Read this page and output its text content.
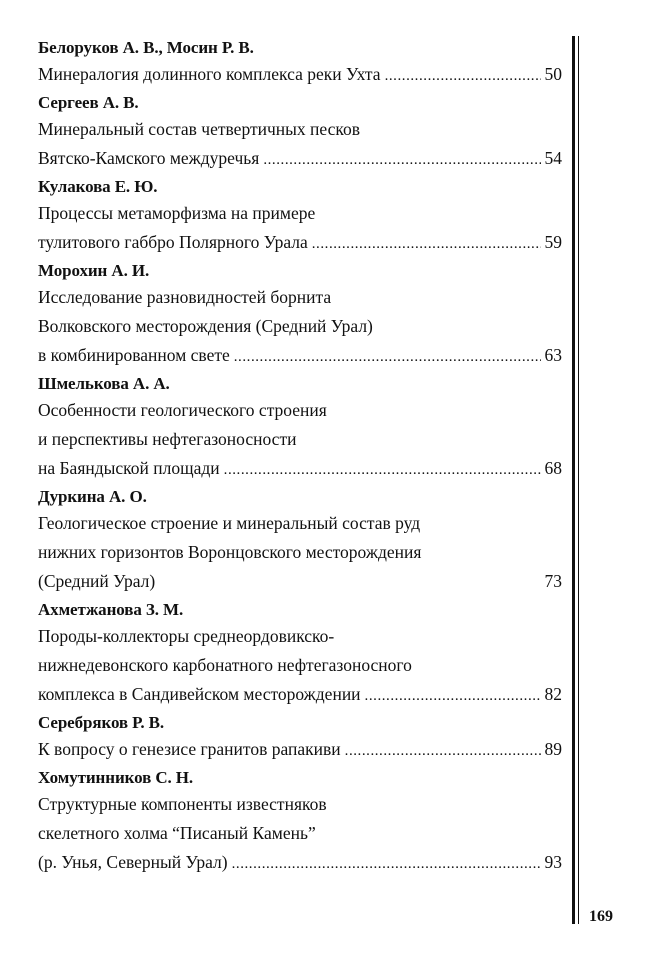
Белоруков А. В., Мосин Р. В.
Минералогия долинного комплекса реки Ухта . . .	50
Сергеев А. В.
Минеральный состав четвертичных песков
Вятско-Камского междуречья . . .	54
Кулакова Е. Ю.
Процессы метаморфизма на примере
тулитового габбро Полярного Урала . . .	59
Морохин А. И.
Исследование разновидностей борнита
Волковского месторождения (Средний Урал)
в комбинированном свете . . .	63
Шмелькова А. А.
Особенности геологического строения
и перспективы нефтегазоносности
на Баяндыской площади . . .	68
Дуркина А. О.
Геологическое строение и минеральный состав руд
нижних горизонтов Воронцовского месторождения
(Средний Урал)	73
Ахметжанова З. М.
Породы-коллекторы среднеордовикско-
нижнедевонского карбонатного нефтегазоносного
комплекса в Сандивейском месторождении . . .	82
Серебряков Р. В.
К вопросу о генезисе гранитов рапакиви . . .	89
Хомутинников С. Н.
Структурные компоненты известняков
скелетного холма “Писаный Камень”
(р. Унья, Северный Урал) . . .	93
169
